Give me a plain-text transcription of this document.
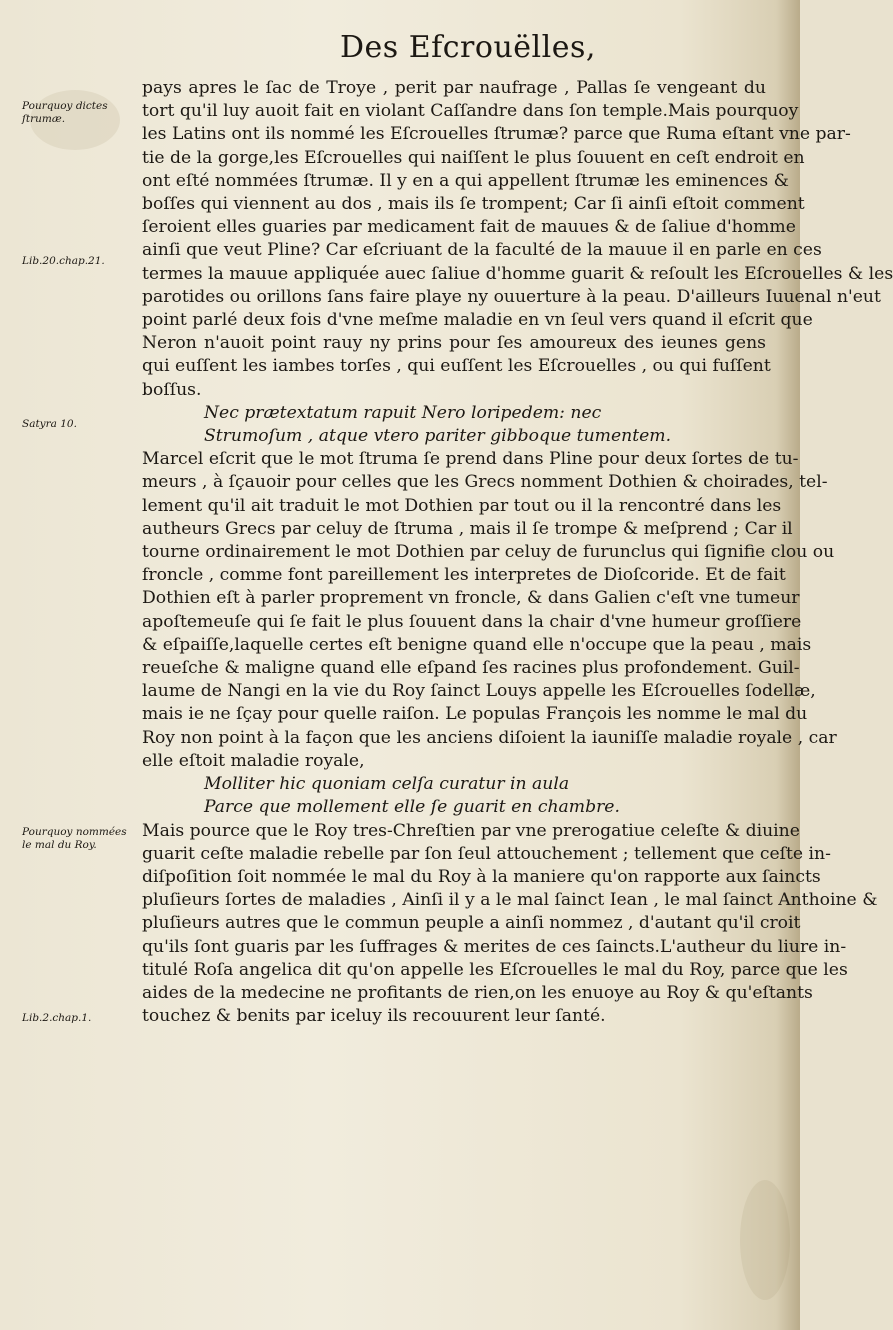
Des Efcrouëlles,
Pourquoy dictes ſtrumæ.
Lib.20.chap.21.
Satyra 10.
Pourquoy nommées le mal du Roy.
Lib.2.chap.1.
pays apres le ſac de Troye , perit par naufrage , Pallas ſe vengeant du
tort qu'il luy auoit fait en violant Caſſandre dans ſon temple.Mais pourquoy
les Latins ont ils nommé les Eſcrouelles ſtrumæ? parce que Ruma eſtant vne par-
tie de la gorge,les Eſcrouelles qui naiſſent le plus ſouuent en ceſt endroit en
ont eſté nommées ſtrumæ. Il y en a qui appellent ſtrumæ les eminences &
boſſes qui viennent au dos , mais ils ſe trompent; Car ſi ainſi eſtoit comment
ſeroient elles guaries par medicament fait de mauues & de ſaliue d'homme
ainſi que veut Pline? Car eſcriuant de la faculté de la mauue il en parle en ces
termes la mauue appliquée auec ſaliue d'homme guarit & reſoult les Eſcrouelles & les
parotides ou orillons ſans faire playe ny ouuerture à la peau. D'ailleurs Iuuenal n'eut
point parlé deux fois d'vne meſme maladie en vn ſeul vers quand il eſcrit que
Neron n'auoit point rauy ny prins pour ſes amoureux des ieunes gens
qui euſſent les iambes torſes , qui euſſent les Eſcrouelles , ou qui fuſſent
boſſus.
Nec prætextatum rapuit Nero loripedem: nec
Strumoſum , atque vtero pariter gibboque tumentem.
Marcel eſcrit que le mot ſtruma ſe prend dans Pline pour deux ſortes de tu-
meurs , à ſçauoir pour celles que les Grecs nomment Dothien & choirades, tel-
lement qu'il ait traduit le mot Dothien par tout ou il la rencontré dans les
autheurs Grecs par celuy de ſtruma , mais il ſe trompe & meſprend ; Car il
tourne ordinairement le mot Dothien par celuy de furunclus qui ſignifie clou ou
froncle , comme font pareillement les interpretes de Dioſcoride. Et de fait
Dothien eſt à parler proprement vn froncle, & dans Galien c'eſt vne tumeur
apoſtemeuſe qui ſe fait le plus ſouuent dans la chair d'vne humeur groſſiere
& eſpaiſſe,laquelle certes eſt benigne quand elle n'occupe que la peau , mais
reueſche & maligne quand elle eſpand ſes racines plus profondement. Guil-
laume de Nangi en la vie du Roy ſainct Louys appelle les Eſcrouelles ſodellæ,
mais ie ne ſçay pour quelle raiſon. Le populas François les nomme le mal du
Roy non point à la façon que les anciens diſoient la iauniſſe maladie royale , car
elle eſtoit maladie royale,
Molliter hic quoniam celſa curatur in aula
Parce que mollement elle ſe guarit en chambre.
Mais pource que le Roy tres-Chreſtien par vne prerogatiue celeſte & diuine
guarit ceſte maladie rebelle par ſon ſeul attouchement ; tellement que ceſte in-
diſpoſition ſoit nommée le mal du Roy à la maniere qu'on rapporte aux ſaincts
pluſieurs ſortes de maladies , Ainſi il y a le mal ſainct Iean , le mal ſainct Anthoine &
pluſieurs autres que le commun peuple a ainſi nommez , d'autant qu'il croit
qu'ils ſont guaris par les ſuffrages & merites de ces ſaincts.L'autheur du liure in-
titulé Roſa angelica dit qu'on appelle les Eſcrouelles le mal du Roy, parce que les
aides de la medecine ne profitants de rien,on les enuoye au Roy & qu'eſtants
touchez & benits par iceluy ils recouurent leur ſanté.
